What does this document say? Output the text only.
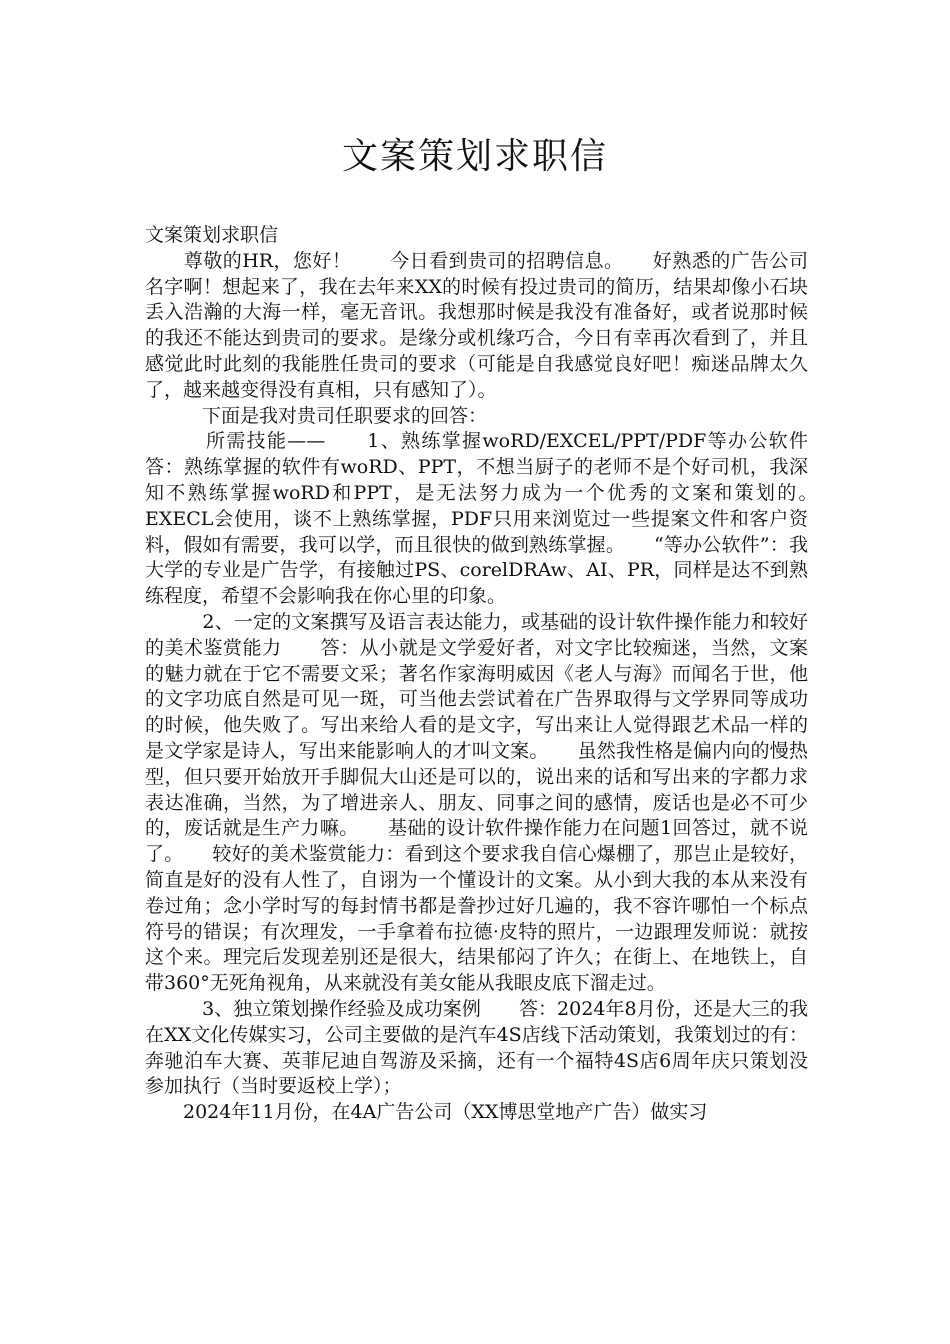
文案策划求职信

文案策划求职信

　　尊敬的HR，您好！　　今日看到贵司的招聘信息。　　好熟悉的广告公司名字啊！想起来了，我在去年来XX的时候有投过贵司的简历，结果却像小石块丢入浩瀚的大海一样，毫无音讯。我想那时候是我没有准备好，或者说那时候的我还不能达到贵司的要求。是缘分或机缘巧合，今日有幸再次看到了，并且感觉此时此刻的我能胜任贵司的要求（可能是自我感觉良好吧！痴迷品牌太久了，越来越变得没有真相，只有感知了）。

　　　下面是我对贵司任职要求的回答：

　　　所需技能——　　1、熟练掌握woRD/EXCEL/PPT/PDF等办公软件　　答：熟练掌握的软件有woRD、PPT，不想当厨子的老师不是个好司机，我深知不熟练掌握woRD和PPT，是无法努力成为一个优秀的文案和策划的。　　EXECL会使用，谈不上熟练掌握，PDF只用来浏览过一些提案文件和客户资料，假如有需要，我可以学，而且很快的做到熟练掌握。　　“等办公软件”：我大学的专业是广告学，有接触过PS、corelDRAw、AI、PR，同样是达不到熟练程度，希望不会影响我在你心里的印象。

　　　2、一定的文案撰写及语言表达能力，或基础的设计软件操作能力和较好的美术鉴赏能力　　答：从小就是文学爱好者，对文字比较痴迷，当然，文案的魅力就在于它不需要文采；著名作家海明威因《老人与海》而闻名于世，他的文字功底自然是可见一斑，可当他去尝试着在广告界取得与文学界同等成功的时候，他失败了。写出来给人看的是文字，写出来让人觉得跟艺术品一样的是文学家是诗人，写出来能影响人的才叫文案。　　虽然我性格是偏内向的慢热型，但只要开始放开手脚侃大山还是可以的，说出来的话和写出来的字都力求表达准确，当然，为了增进亲人、朋友、同事之间的感情，废话也是必不可少的，废话就是生产力嘛。　　基础的设计软件操作能力在问题1回答过，就不说了。　　较好的美术鉴赏能力：看到这个要求我自信心爆棚了，那岂止是较好，简直是好的没有人性了，自诩为一个懂设计的文案。从小到大我的本从来没有卷过角；念小学时写的每封情书都是誊抄过好几遍的，我不容许哪怕一个标点符号的错误；有次理发，一手拿着布拉德·皮特的照片，一边跟理发师说：就按这个来。理完后发现差别还是很大，结果郁闷了许久；在街上、在地铁上，自带360°无死角视角，从来就没有美女能从我眼皮底下溜走过。

　　　3、独立策划操作经验及成功案例　　答：2024年8月份，还是大三的我在XX文化传媒实习，公司主要做的是汽车4S店线下活动策划，我策划过的有：奔驰泊车大赛、英菲尼迪自驾游及采摘，还有一个福特4S店6周年庆只策划没参加执行（当时要返校上学）；

　　2024年11月份，在4A广告公司（XX博思堂地产广告）做实习
